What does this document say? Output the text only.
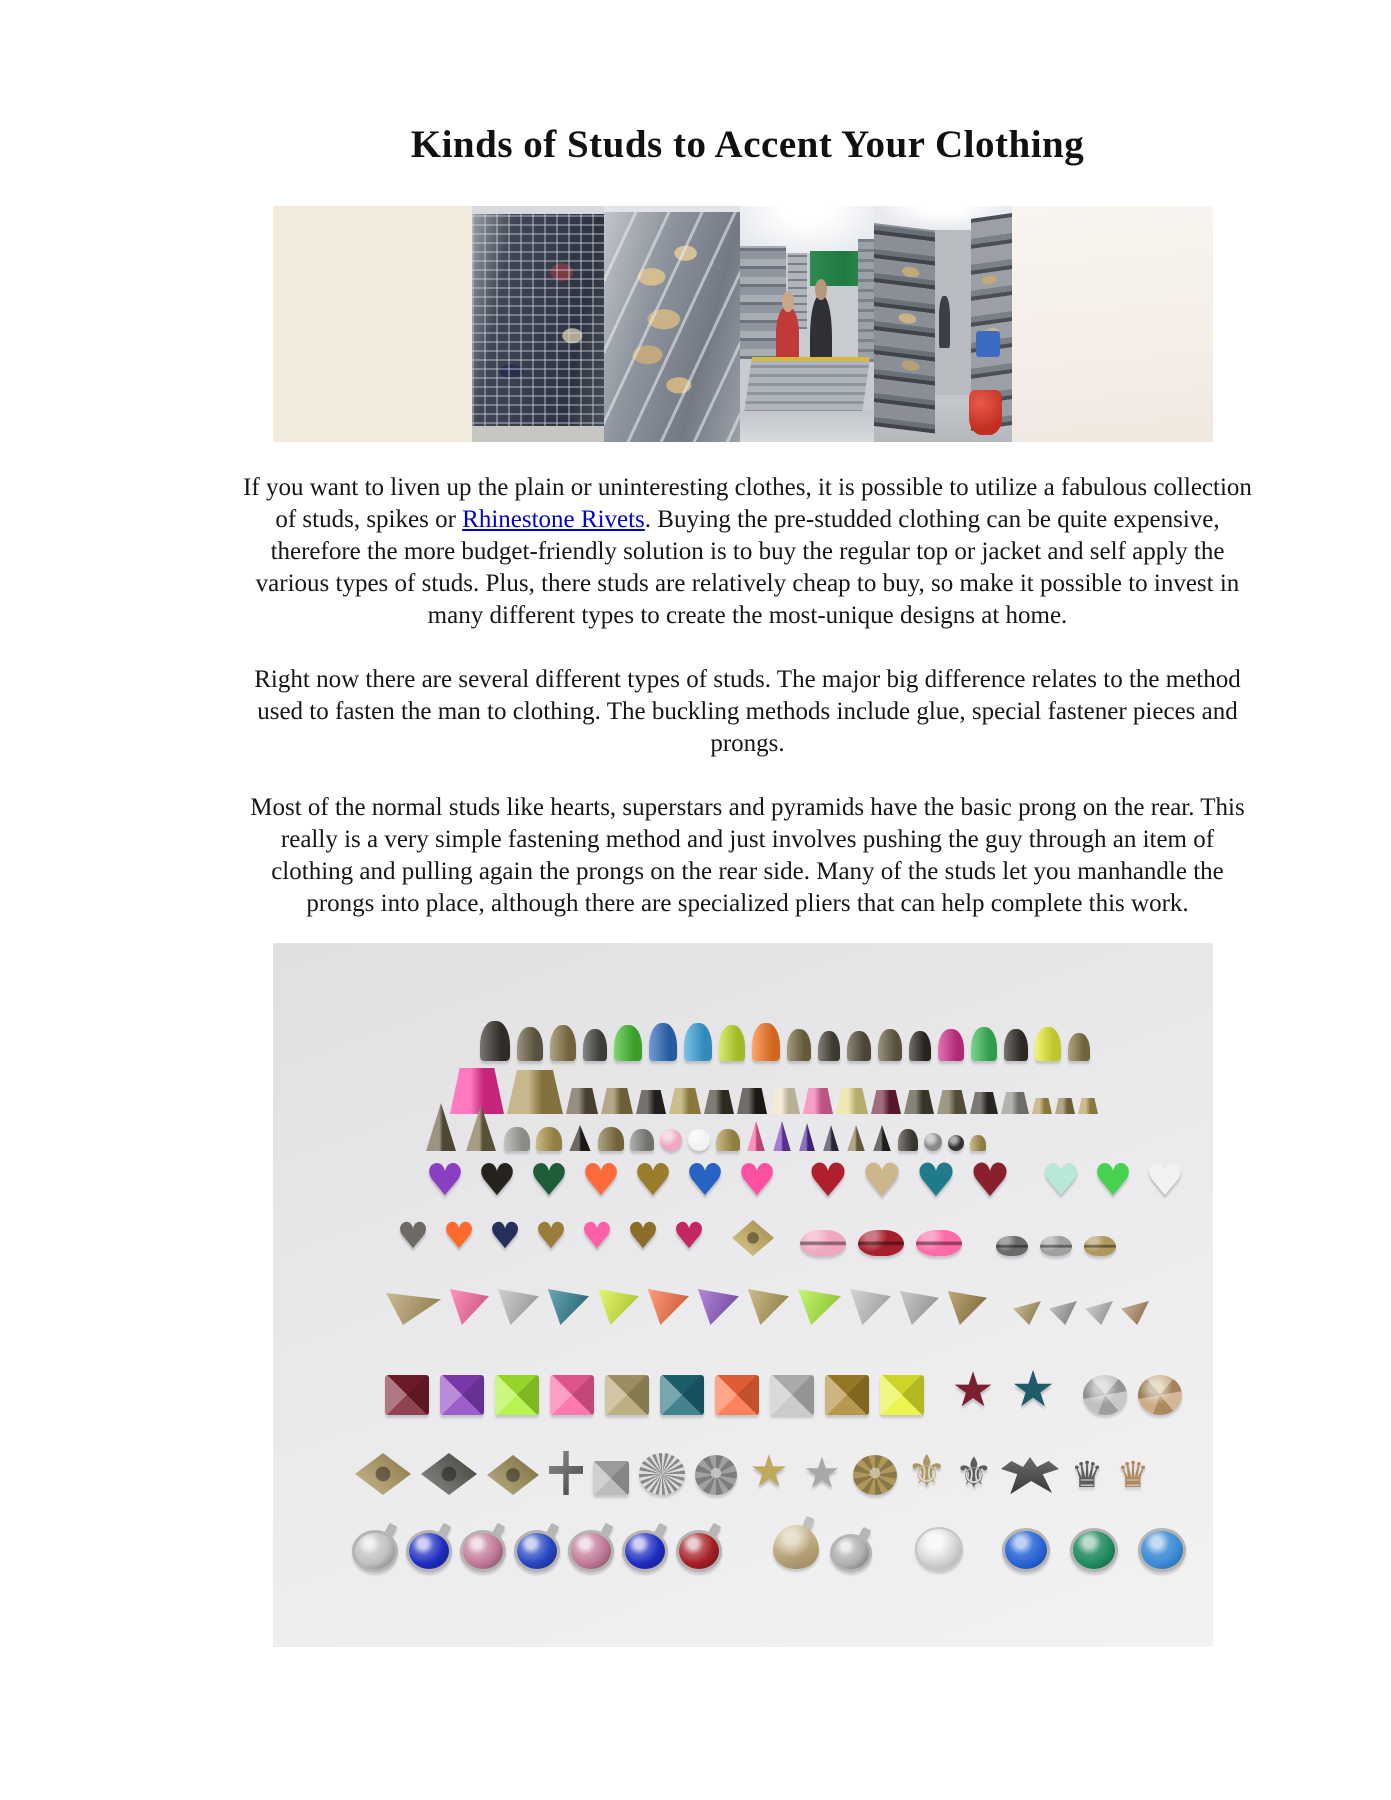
Kinds of Studs to Accent Your Clothing
If you want to liven up the plain or uninteresting clothes, it is possible to utilize a fabulous collection
of studs, spikes or Rhinestone Rivets. Buying the pre-studded clothing can be quite expensive,
therefore the more budget-friendly solution is to buy the regular top or jacket and self apply the
various types of studs. Plus, there studs are relatively cheap to buy, so make it possible to invest in
many different types to create the most-unique designs at home.
Right now there are several different types of studs. The major big difference relates to the method
used to fasten the man to clothing. The buckling methods include glue, special fastener pieces and
prongs.
Most of the normal studs like hearts, superstars and pyramids have the basic prong on the rear. This
really is a very simple fastening method and just involves pushing the guy through an item of
clothing and pulling again the prongs on the rear side. Many of the studs let you manhandle the
prongs into place, although there are specialized pliers that can help complete this work.
♥ ♥ ♥ ♥ ♥ ♥ ♥ ♥ ♥ ♥ ♥ ♥ ♥ ♥
♥ ♥ ♥ ♥ ♥ ♥ ♥
★ ★
★ ★ ⚜ ⚜ ♛ ♛
